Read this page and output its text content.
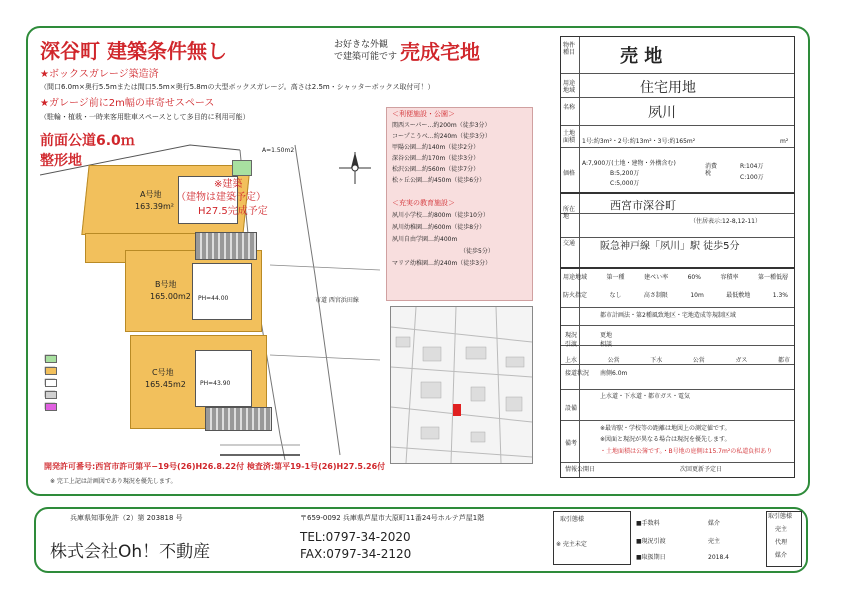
深谷町 建築条件無し	お好きな外観
で建築可能です 売成宅地
★ボックスガレージ築造済
（間口6.0m×奥行5.5mまたは間口5.5m×奥行5.8mの大型ボックスガレージ。高さは2.5m・シャッターボックス取付可！）
★ガレージ前に2m幅の車寄せスペース
（駐輪・植栽・一時来客用駐車スペースとして多目的に利用可能）
前面公道6.0ｍ
整形地
A号地
163.39m²
B号地
165.00m2
C号地
165.45m2
PH=44.00
PH=43.90
※建築
（建物は建築予定）
H27.5完成予定
A=1.50m2
市道 西宮浜田線
＜利便施設・公園＞
関西スーパー…約200m（徒歩3分）
コープこうべ…約240m（徒歩3分）
甲陽公園…約140m（徒歩2分）
深谷公園…約170m（徒歩3分）
松沢公園…約560m（徒歩7分）
松ヶ丘公園…約450m（徒歩6分）
＜充実の教育施設＞
夙川小学校…約800m（徒歩10分）
夙川幼稚園…約600m（徒歩8分）
夙川自由学園…約400m
（徒歩5分）
マリア幼稚園…約240m（徒歩3分）
開発許可番号:西宮市許可第平−19号(26)H26.8.22付 検査済:第平19-1号(26)H27.5.26付
※ 完工上記は計画図であり現況を優先します。
物件種目 売 地
用途地域	住宅用地
名称	夙川
土地面積 1号:約3m²・2号:約13m²・3号:約165m²	m²
価格
A:7,900万(土地・建物・外構含む)
B:5,200万
C:5,000万
消費税
R:104万
C:100万
所在地
西宮市深谷町
（住居表示:12-8,12-11）
交通 阪急神戸線「夙川」駅 徒歩5分
用途地域	第一種	建ぺい率	60%	容積率	第一種低層
防火指定	なし	高さ制限	10m	最低敷地	1.3%
都市計画法・第2種風致地区・宅地造成等規制区域
現況	更地
引渡	相談
上水	公営	下水	公営	ガス	都市
接道状況 南側6.0m
設備
上水道・下水道・都市ガス・電気
備考
※最寄駅・学校等の距離は地図上の測定値です。
※図面と現況が異なる場合は現況を優先します。
・土地面積は公簿です。・B号地の庭側は15.7m²の私道負担あり
情報公開日	次回更新予定日
兵庫県知事免許（2）第 203818 号	〒659-0092 兵庫県芦屋市大原町11番24号ホルテ芦屋1階
株式会社Oh！不動産
TEL:0797-34-2020
FAX:0797-34-2120
取引態様
※ 売主未定
■手数料	媒介
■現況引渡	売主
■取扱期日	2018.4
取引態様
売主
代理
媒介
